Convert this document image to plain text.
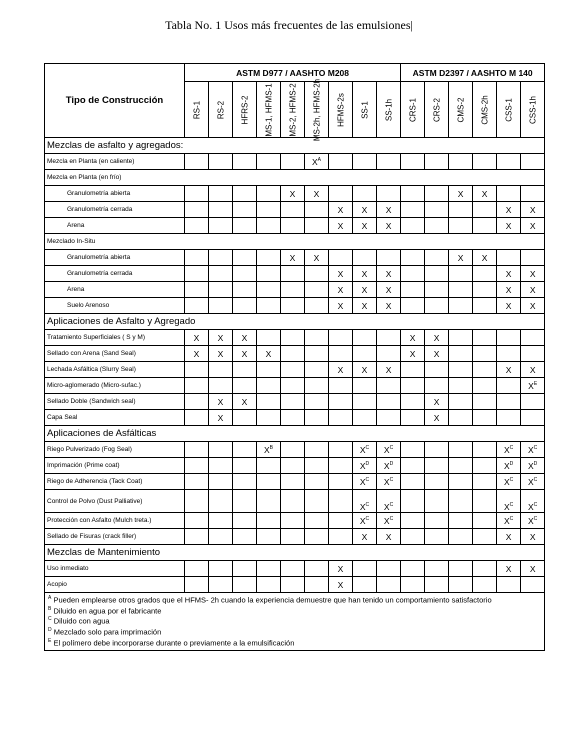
Tabla No. 1 Usos más frecuentes de las emulsiones|
Tipo de Construcción	ASTM D977 / AASHTO M208									ASTM D2397 / AASHTO M 140					

	RS-1	RS-2	HFRS-2	MS-1, HFMS-1	MS-2, HFMS-2	MS-2h, HFMS-2h	HFMS-2s	SS-1	SS-1h	CRS-1	CRS-2	CMS-2	CMS-2h	CSS-1	CSS-1h

Mezclas de asfalto y agregados:															
Mezcla en Planta (en caliente)						$X^A$									
Mezcla en Planta (en frío)															
Granulometría abierta					X	X						X	X		
Granulometría cerrada							X	X	X					X	X
Arena							X	X	X					X	X
Mezclado In-Situ															
Granulometría abierta					X	X						X	X		
Granulometría cerrada							X	X	X					X	X
Arena							X	X	X					X	X
Suelo Arenoso							X	X	X					X	X
Aplicaciones de Asfalto y Agregado															
Tratamiento Superficiales ( S y M)	X	X	X							X	X				
Sellado con Arena (Sand Seal)	X	X	X	X						X	X				
Lechada Asfáltica (Slurry Seal)							X	X	X					X	X
Micro-aglomerado (Micro-sufac.)															$X^E$
Sellado Doble (Sandwich seal)		X	X								X				
Capa Seal		X									X				
Aplicaciones de Asfálticas															
Riego Pulverizado (Fog Seal)				$X^B$				$X^C$	$X^C$					$X^C$	$X^C$
Imprimación (Prime coat)								$X^D$	$X^D$					$X^D$	$X^D$
Riego de Adherencia (Tack Coat)								$X^C$	$X^C$					$X^C$	$X^C$
Control de Polvo (Dust Palliative)								$X^C$	$X^C$					$X^C$	$X^C$
Protección con Asfalto (Mulch treta.)								$X^C$	$X^C$					$X^C$	$X^C$
Sellado de Fisuras (crack filler)								X	X					X	X
Mezclas de Mantenimiento															
Uso inmediato							X							X	X
Acopio							X								

$^A$ Pueden emplearse otros grados que el HFMS- 2h cuando la experiencia demuestre que han tenido un comportamiento satisfactorio
$^B$ Diluido en agua por el fabricante
$^C$ Diluido con agua
$^D$ Mezclado solo para imprimación
$^E$ El polímero debe incorporarse durante o previamente a la emulsificación															
